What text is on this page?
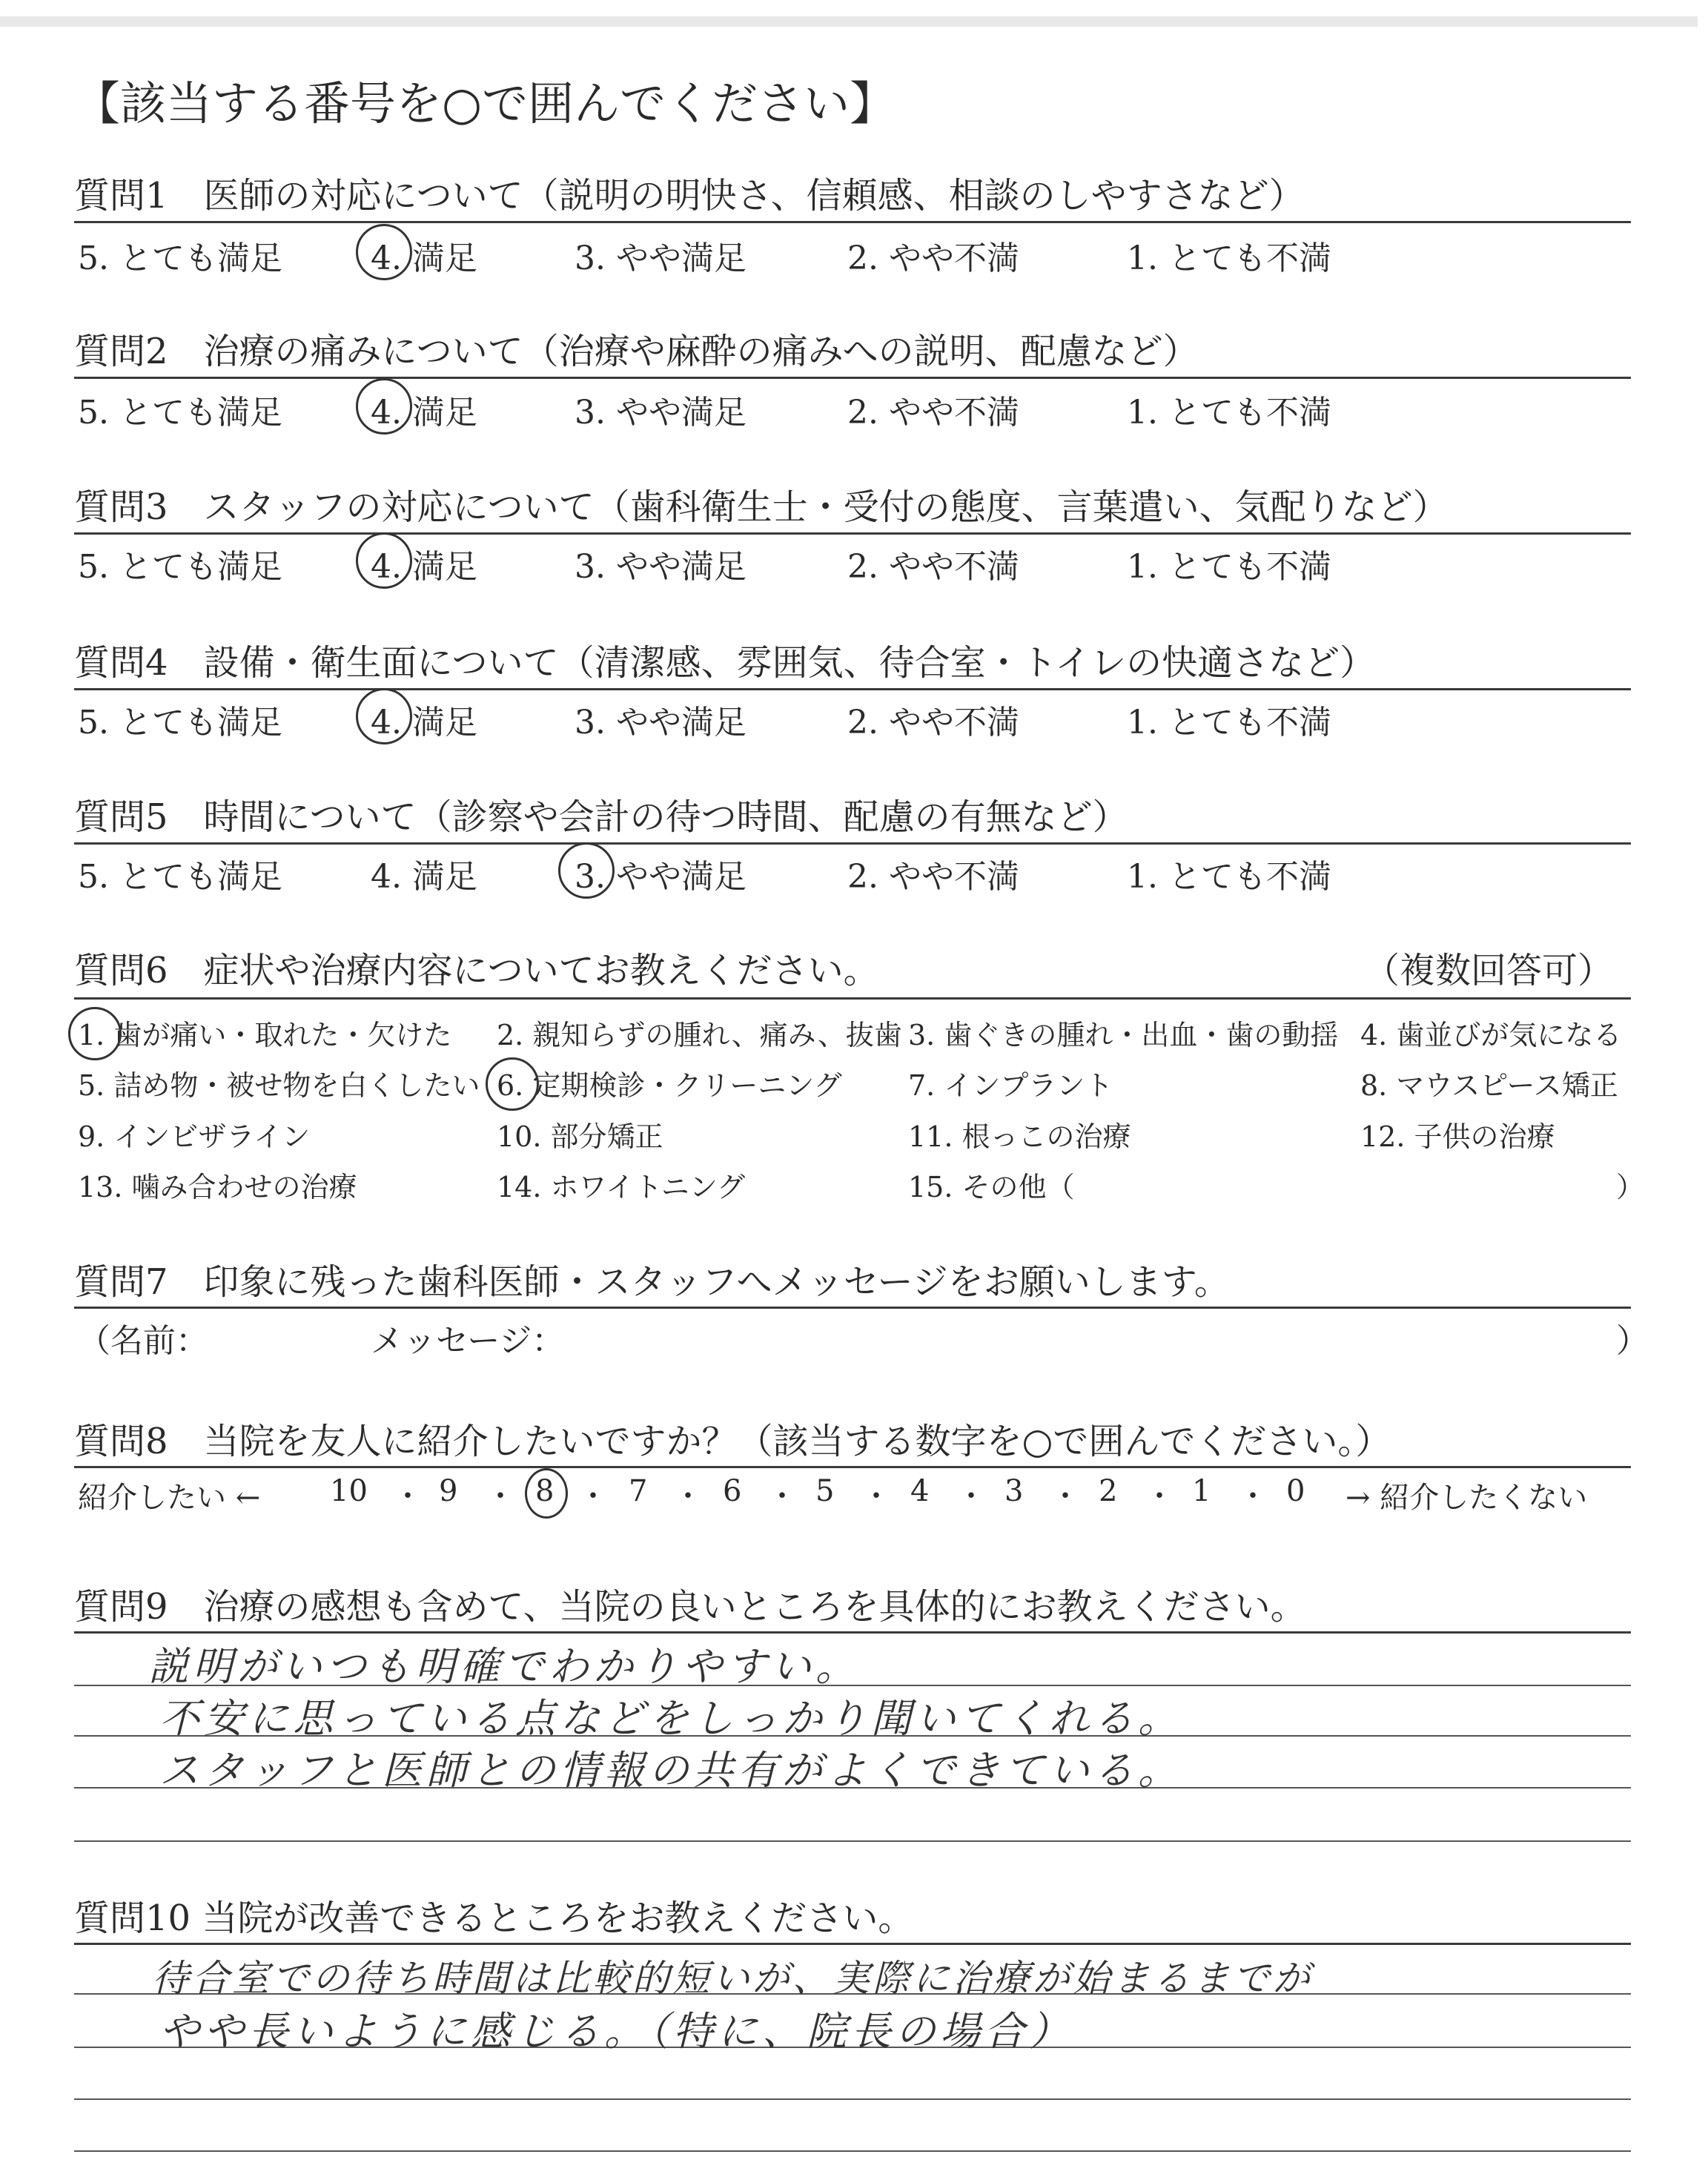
【該当する番号を○で囲んでください】
質問1　医師の対応について（説明の明快さ、信頼感、相談のしやすさなど）
5. とても満足	4. 満足	3. やや満足	2. やや不満	1. とても不満
質問2　治療の痛みについて（治療や麻酔の痛みへの説明、配慮など）
5. とても満足	4. 満足	3. やや満足	2. やや不満	1. とても不満
質問3　スタッフの対応について（歯科衛生士・受付の態度、言葉遣い、気配りなど）
5. とても満足	4. 満足	3. やや満足	2. やや不満	1. とても不満
質問4　設備・衛生面について（清潔感、雰囲気、待合室・トイレの快適さなど）
5. とても満足	4. 満足	3. やや満足	2. やや不満	1. とても不満
質問5　時間について（診察や会計の待つ時間、配慮の有無など）
5. とても満足	4. 満足	3. やや満足	2. やや不満	1. とても不満
質問6　症状や治療内容についてお教えください。	（複数回答可）
1. 歯が痛い・取れた・欠けた 2. 親知らずの腫れ、痛み、抜歯 3. 歯ぐきの腫れ・出血・歯の動揺 4. 歯並びが気になる
5. 詰め物・被せ物を白くしたい 6. 定期検診・クリーニング 7. インプラント	8. マウスピース矯正
9. インビザライン	10. 部分矯正	11. 根っこの治療	12. 子供の治療
13. 噛み合わせの治療	14. ホワイトニング	15. その他（	）
質問7　印象に残った歯科医師・スタッフへメッセージをお願いします。
（名前：	メッセージ：	）
質問8　当院を友人に紹介したいですか？（該当する数字を○で囲んでください。）
紹介したい ←	→ 紹介したくない
10 9	8	7	6 5	4	3	2	1	0
・ ・ ・ ・ ・ ・ ・ ・ ・ ・
質問9　治療の感想も含めて、当院の良いところを具体的にお教えください。
説明がいつも明確でわかりやすい。
不安に思っている点などをしっかり聞いてくれる。
スタッフと医師との情報の共有がよくできている。
質問10 当院が改善できるところをお教えください。
待合室での待ち時間は比較的短いが、実際に治療が始まるまでが
やや長いように感じる。（特に、院長の場合）
